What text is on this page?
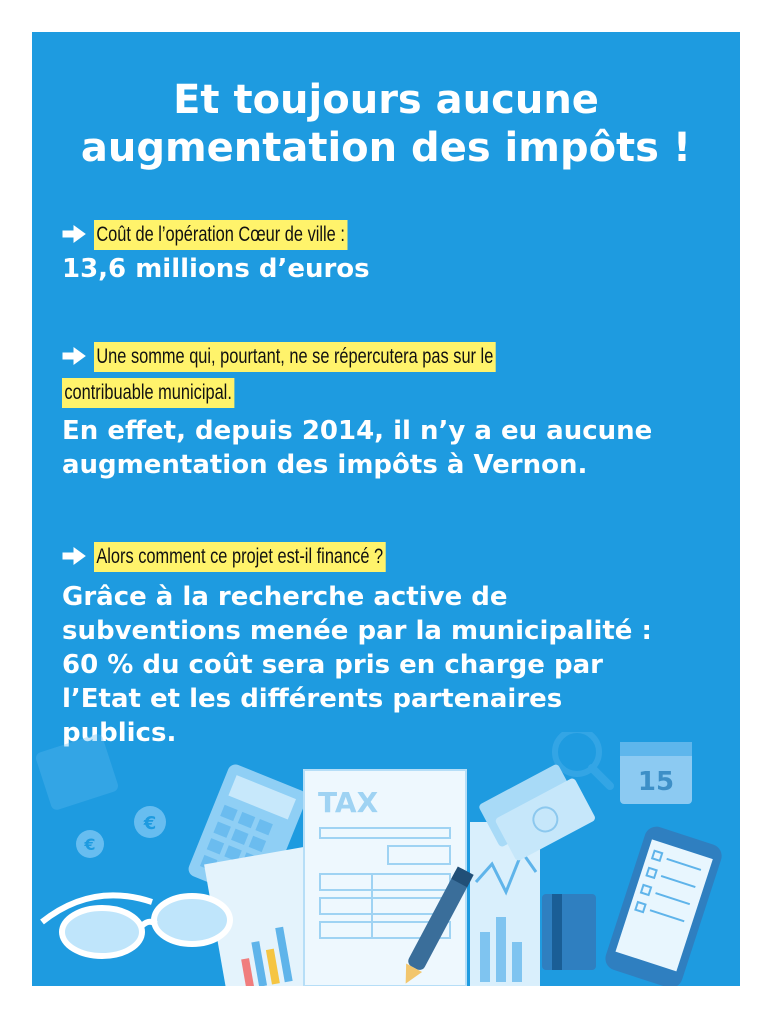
Et toujours aucune
augmentation des impôts !
Coût de l’opération Cœur de ville :

13,6 millions d’euros

Une somme qui, pourtant, ne se répercutera pas sur le
contribuable municipal.

En effet, depuis 2014, il n’y a eu aucune
augmentation des impôts à Vernon.

Alors comment ce projet est-il financé ?

Grâce à la recherche active de
subventions menée par la municipalité :
60 % du coût sera pris en charge par
l’Etat et les différents partenaires
publics.

15
€
€
TAX
